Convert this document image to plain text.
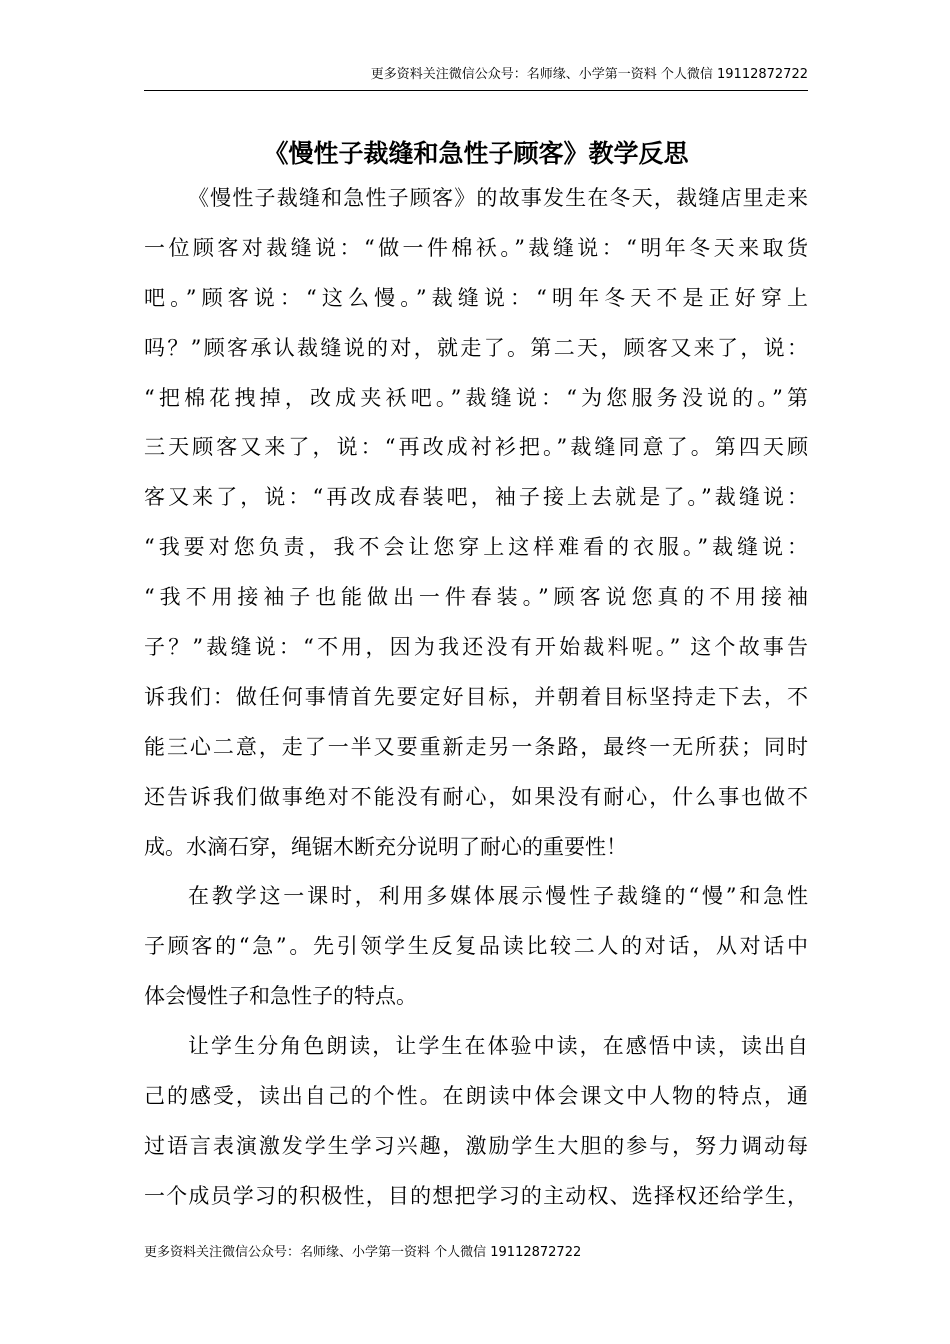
更多资料关注微信公众号：名师缘、小学第一资料 个人微信 19112872722
《慢性子裁缝和急性子顾客》教学反思
《慢性子裁缝和急性子顾客》的故事发生在冬天，裁缝店里走来
一位顾客对裁缝说：“做一件棉袄。”裁缝说：“明年冬天来取货
吧。”顾客说：“这么慢。”裁缝说：“明年冬天不是正好穿上
吗？”顾客承认裁缝说的对，就走了。第二天，顾客又来了，说：
“把棉花拽掉，改成夹袄吧。”裁缝说：“为您服务没说的。”第
三天顾客又来了，说：“再改成衬衫把。”裁缝同意了。第四天顾
客又来了，说：“再改成春装吧，袖子接上去就是了。”裁缝说：
“我要对您负责，我不会让您穿上这样难看的衣服。”裁缝说：
“我不用接袖子也能做出一件春装。”顾客说您真的不用接袖
子？”裁缝说：“不用，因为我还没有开始裁料呢。” 这个故事告
诉我们：做任何事情首先要定好目标，并朝着目标坚持走下去，不
能三心二意，走了一半又要重新走另一条路，最终一无所获；同时
还告诉我们做事绝对不能没有耐心，如果没有耐心，什么事也做不
成。水滴石穿，绳锯木断充分说明了耐心的重要性！
在教学这一课时，利用多媒体展示慢性子裁缝的“慢”和急性
子顾客的“急”。先引领学生反复品读比较二人的对话，从对话中
体会慢性子和急性子的特点。
让学生分角色朗读，让学生在体验中读，在感悟中读，读出自
己的感受，读出自己的个性。在朗读中体会课文中人物的特点，通
过语言表演激发学生学习兴趣，激励学生大胆的参与，努力调动每
一个成员学习的积极性，目的想把学习的主动权、选择权还给学生，
更多资料关注微信公众号：名师缘、小学第一资料 个人微信 19112872722
